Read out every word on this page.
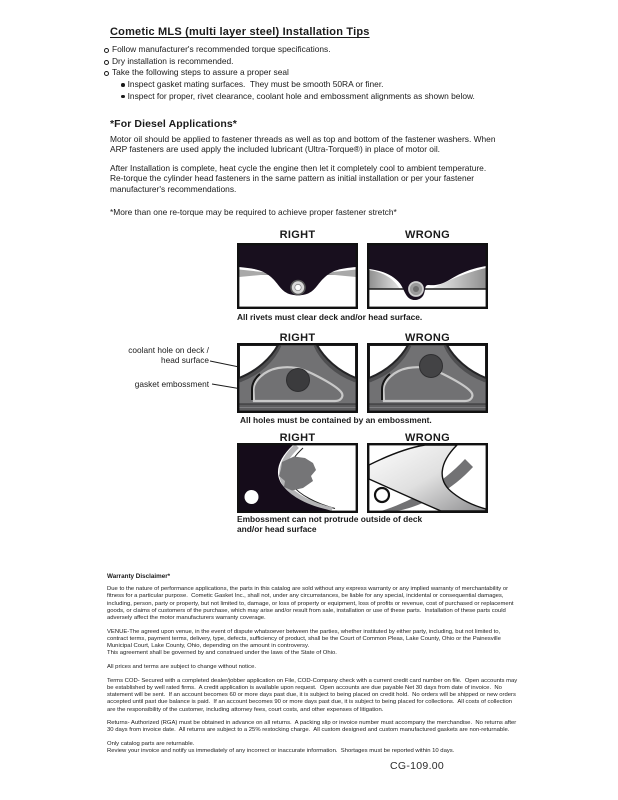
Cometic MLS (multi layer steel) Installation Tips
Follow manufacturer's recommended torque specifications.
Dry installation is recommended.
Take the following steps to assure a proper seal
Inspect gasket mating surfaces.  They must be smooth 50RA or finer.
Inspect for proper, rivet clearance, coolant hole and embossment alignments as shown below.
*For Diesel Applications*
Motor oil should be applied to fastener threads as well as top and bottom of the fastener washers. When ARP fasteners are used apply the included lubricant (Ultra-Torque®) in place of motor oil.
After Installation is complete, heat cycle the engine then let it completely cool to ambient temperature. Re-torque the cylinder head fasteners in the same pattern as initial installation or per your fastener manufacturer's recommendations.
*More than one re-torque may be required to achieve proper fastener stretch*
RIGHT	WRONG
All rivets must clear deck and/or head surface.
RIGHT	WRONG
coolant hole on deck / head surface
gasket embossment
All holes must be contained by an embossment.
RIGHT	WRONG
Embossment can not protrude outside of deck and/or head surface
Warranty Disclaimer*

Due to the nature of performance applications, the parts in this catalog are sold without any express warranty or any implied warranty of merchantability or fitness for a particular purpose.  Cometic Gasket Inc., shall not, under any circumstances, be liable for any special, incidental or consequential damages, including, person, party or property, but not limited to, damage, or loss of property or equipment, loss of profits or revenue, cost of purchased or replacement goods, or claims of customers of the purchase, which may arise and/or result from sale, installation or use of these parts.  Installation of these parts could adversely affect the motor manufacturers warranty coverage.

VENUE-The agreed upon venue, in the event of dispute whatsoever between the parties, whether instituted by either party, including, but not limited to, contract terms, payment terms, delivery, type, defects, sufficiency of product, shall be the Court of Common Pleas, Lake County, Ohio or the Painesville Municipal Court, Lake County, Ohio, depending on the amount in controversy.

This agreement shall be governed by and construed under the laws of the State of Ohio.

All prices and terms are subject to change without notice.

Terms COD- Secured with a completed dealer/jobber application on File, COD-Company check with a current credit card number on file.  Open accounts may be established by well rated firms.  A credit application is available upon request.  Open accounts are due payable Net 30 days from date of invoice.  No statement will be sent.  If an account becomes 60 or more days past due, it is subject to being placed on credit hold.  No orders will be shipped or new orders accepted until past due balance is paid.  If an account becomes 90 or more days past due, it is subject to being placed for collections.  All costs of collection are the responsibility of the customer, including attorney fees, court costs, and other expenses of litigation.

Returns- Authorized (RGA) must be obtained in advance on all returns.  A packing slip or invoice number must accompany the merchandise.  No returns after 30 days from invoice date.  All returns are subject to a 25% restocking charge.  All custom designed and custom manufactured gaskets are non-returnable.

Only catalog parts are returnable.

Review your invoice and notify us immediately of any incorrect or inaccurate information.  Shortages must be reported within 10 days.

CG-109.00
